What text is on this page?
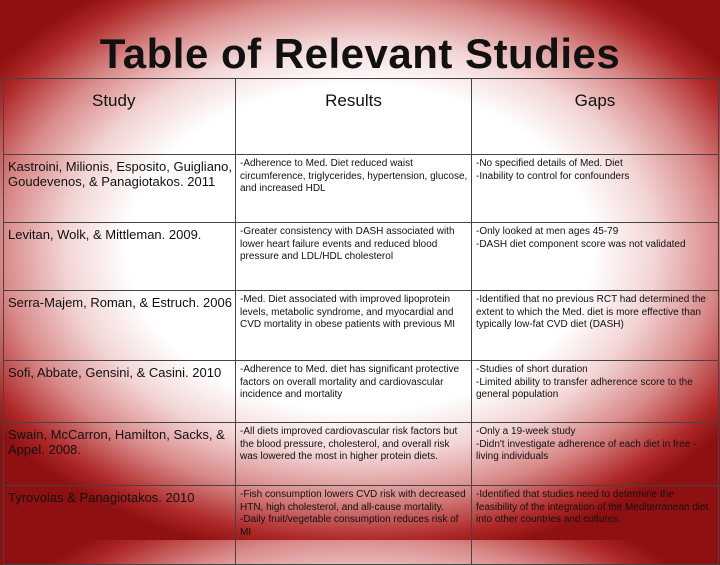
Table of Relevant Studies
Study	Results	Gaps
Kastroini, Milionis, Esposito, Guigliano, Goudevenos, & Panagiotakos. 2011	-Adherence to Med. Diet reduced waist circumference, triglycerides, hypertension, glucose, and increased HDL	-No specified details of Med. Diet
-Inability to control for confounders

Levitan, Wolk, & Mittleman. 2009.	-Greater consistency with DASH associated with lower heart failure events and reduced blood pressure and LDL/HDL cholesterol	-Only looked at men ages 45-79
-DASH diet component score was not validated

Serra-Majem, Roman, & Estruch. 2006	-Med. Diet associated with improved lipoprotein levels, metabolic syndrome, and myocardial and CVD mortality in obese patients with previous MI	-Identified that no previous RCT had determined the extent to which the Med. diet is more effective than typically low-fat CVD diet (DASH)

Sofi, Abbate, Gensini, & Casini. 2010	-Adherence to Med. diet has significant protective factors on overall mortality and cardiovascular incidence and mortality	-Studies of short duration
-Limited ability to transfer adherence score to the general population

Swain, McCarron, Hamilton, Sacks, & Appel. 2008.	-All diets improved cardiovascular risk factors but the blood pressure, cholesterol, and overall risk was lowered the most in higher protein diets.	-Only a 19-week study
-Didn't investigate adherence of each diet in free -living individuals

Tyrovolas & Panagiotakos. 2010	-Fish consumption lowers CVD risk with decreased HTN, high cholesterol, and all-cause mortality.
-Daily fruit/vegetable consumption reduces risk of MI	-Identified that studies need to determine the feasibility of the integration of the Mediterranean diet into other countries and cultures.
